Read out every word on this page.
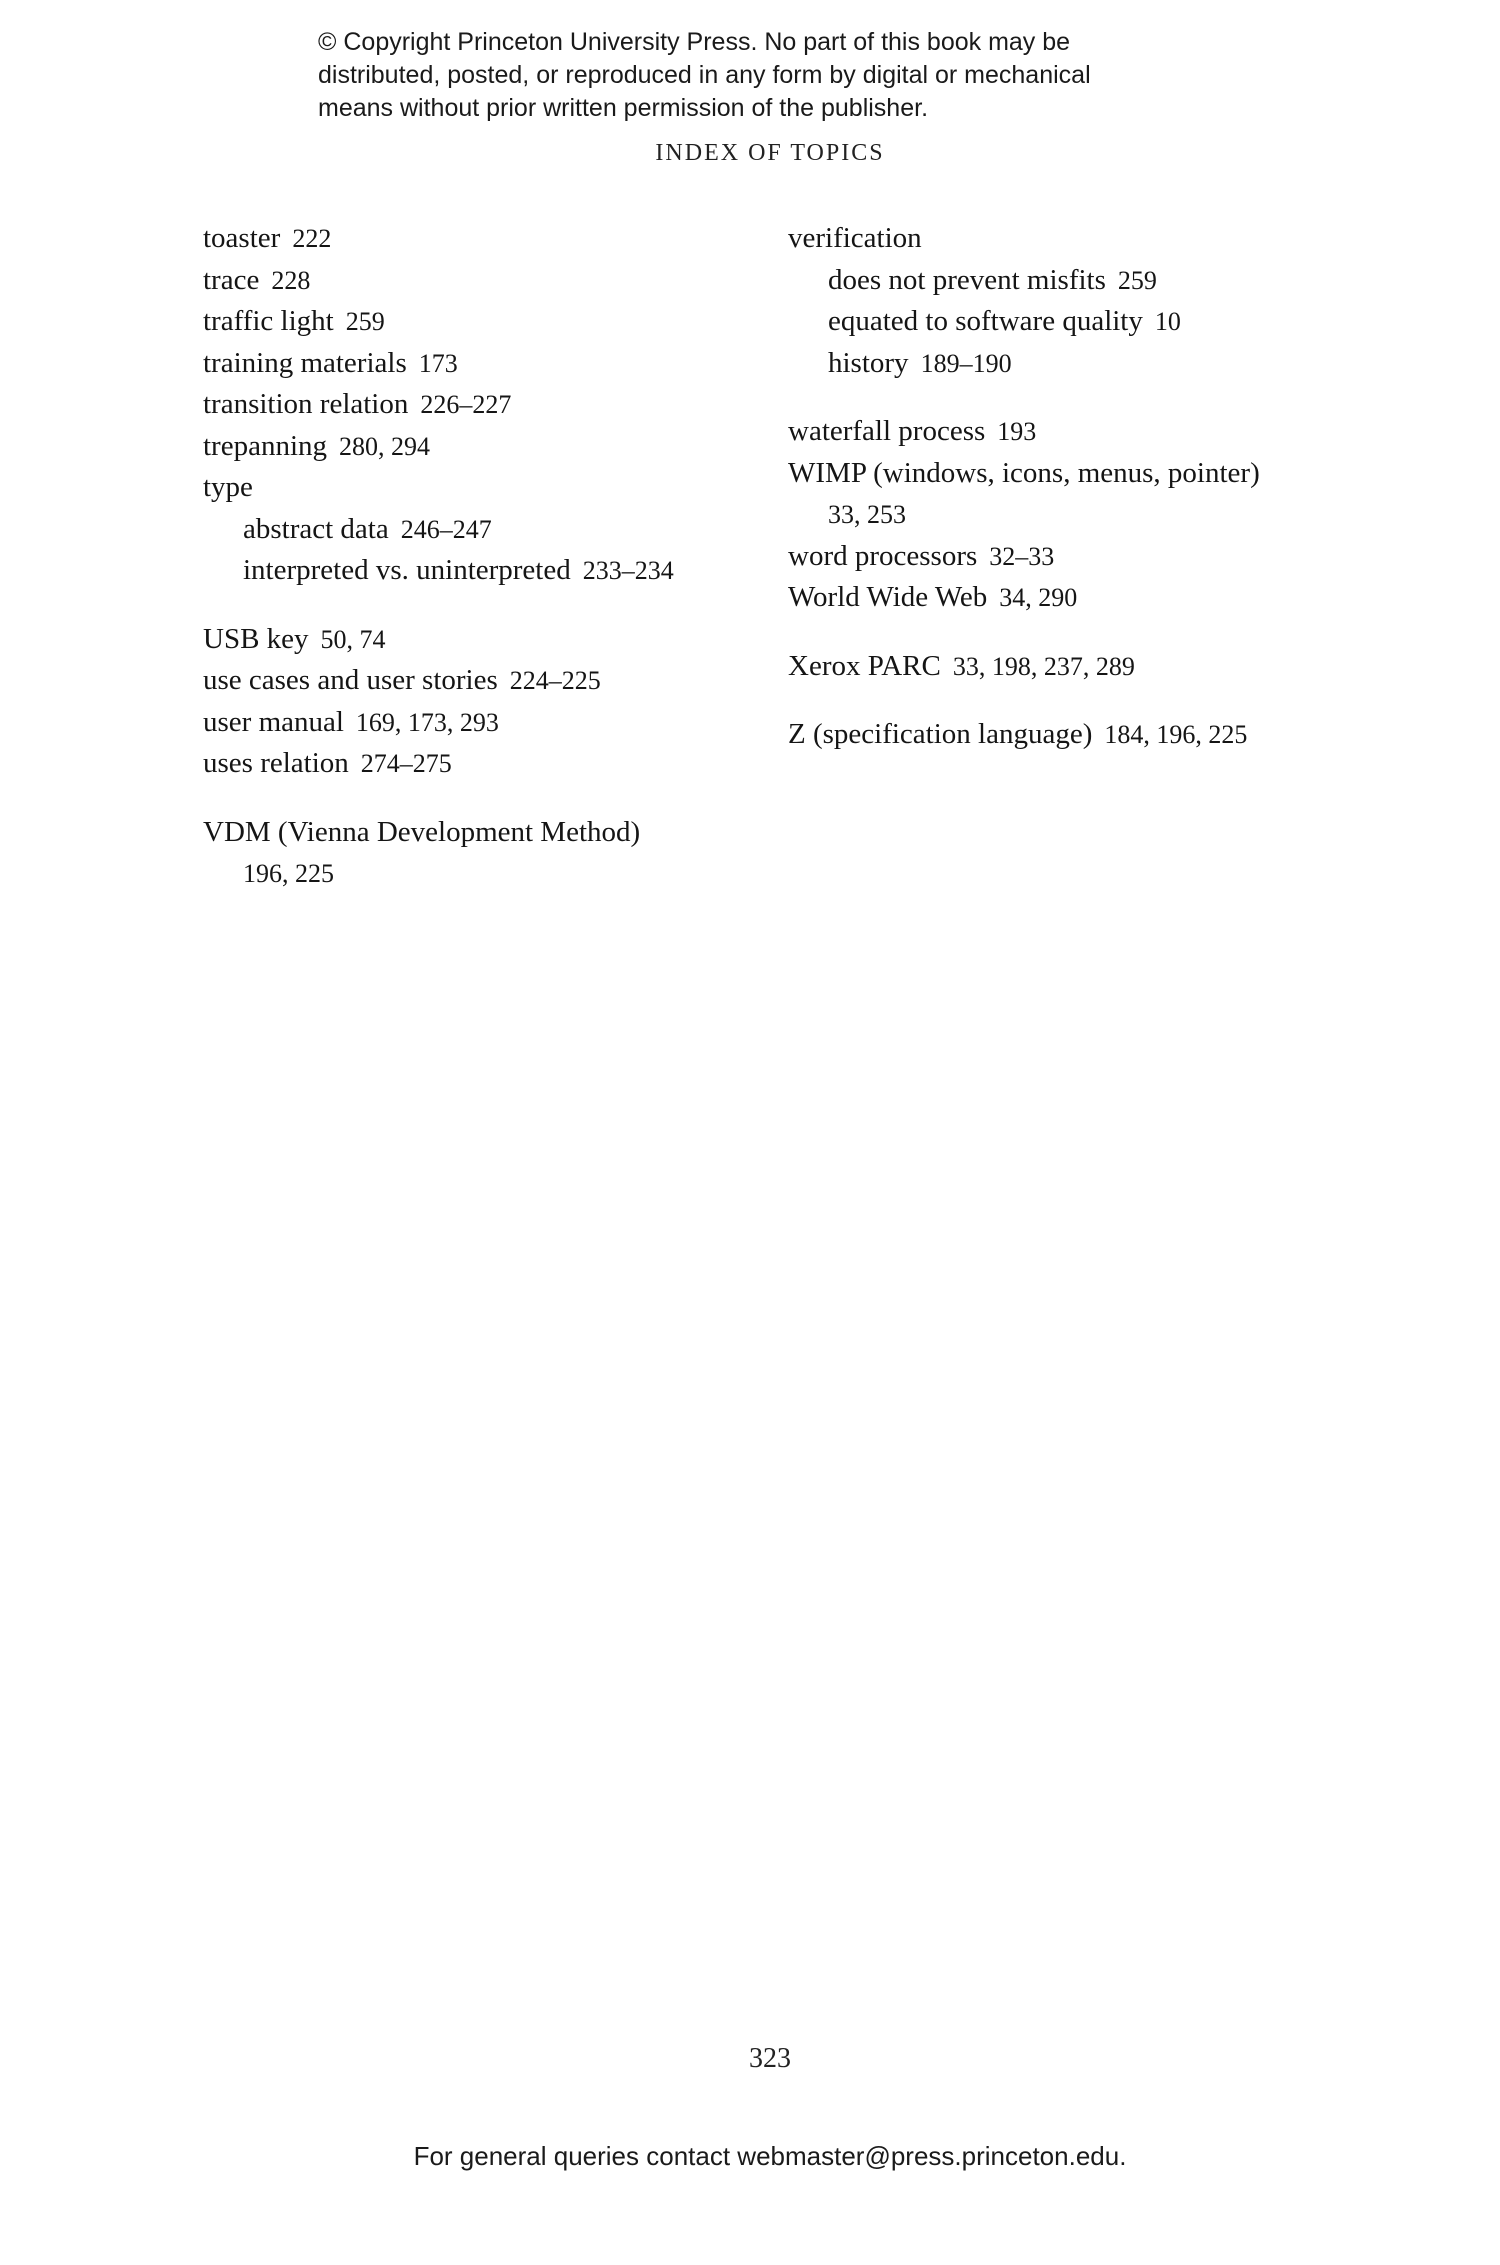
© Copyright Princeton University Press. No part of this book may be
distributed, posted, or reproduced in any form by digital or mechanical
means without prior written permission of the publisher.
INDEX OF TOPICS
toaster 222
trace 228
traffic light 259
training materials 173
transition relation 226–227
trepanning 280, 294
type
abstract data 246–247
interpreted vs. uninterpreted 233–234
USB key 50, 74
use cases and user stories 224–225
user manual 169, 173, 293
uses relation 274–275
VDM (Vienna Development Method)
196, 225
verification
does not prevent misfits 259
equated to software quality 10
history 189–190
waterfall process 193
WIMP (windows, icons, menus, pointer)
33, 253
word processors 32–33
World Wide Web 34, 290
Xerox PARC 33, 198, 237, 289
Z (specification language) 184, 196, 225
323
For general queries contact webmaster@press.princeton.edu.
